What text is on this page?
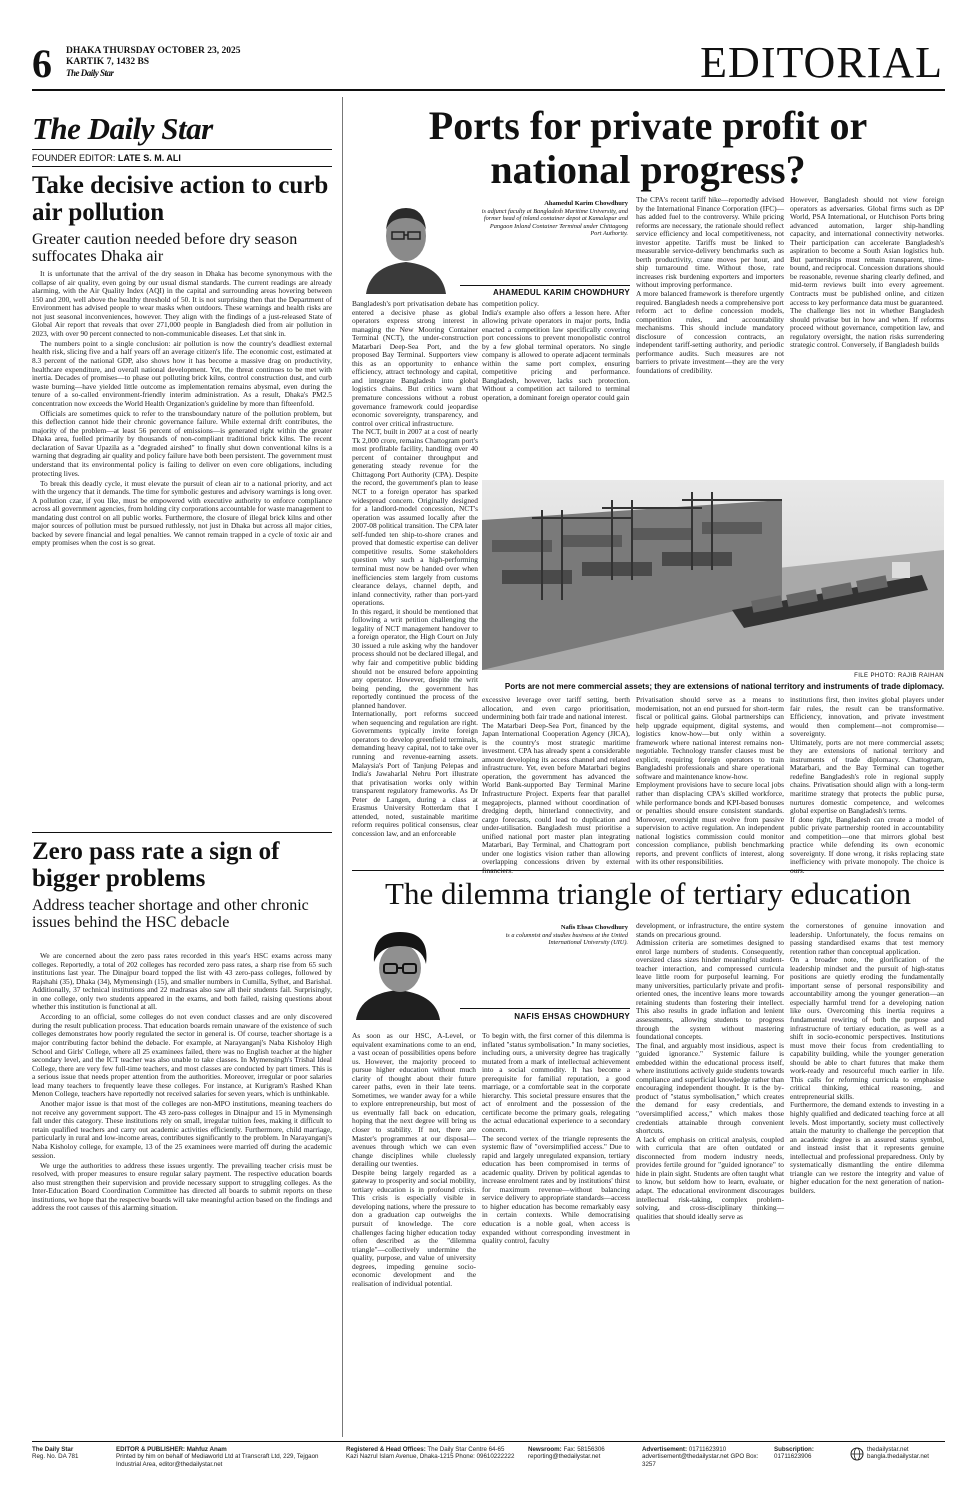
6 DHAKA THURSDAY OCTOBER 23, 2025
KARTIK 7, 1432 BS
The Daily Star	EDITORIAL
The Daily Star
FOUNDER EDITOR: LATE S. M. ALI
Take decisive action to curb air pollution
Greater caution needed before dry season suffocates Dhaka air

It is unfortunate that the arrival of the dry season in Dhaka has become synonymous with the collapse of air quality, even going by our usual dismal standards. The current readings are already alarming, with the Air Quality Index (AQI) in the capital and surrounding areas hovering between 150 and 200, well above the healthy threshold of 50. It is not surprising then that the Department of Environment has advised people to wear masks when outdoors. These warnings and health risks are not just seasonal inconveniences, however. They align with the findings of a just-released State of Global Air report that reveals that over 271,000 people in Bangladesh died from air pollution in 2023, with over 90 percent connected to non-communicable diseases. Let that sink in.

The numbers point to a single conclusion: air pollution is now the country's deadliest external health risk, slicing five and a half years off an average citizen's life. The economic cost, estimated at 8.3 percent of the national GDP, also shows how it has become a massive drag on productivity, healthcare expenditure, and overall national development. Yet, the threat continues to be met with inertia. Decades of promises—to phase out polluting brick kilns, control construction dust, and curb waste burning—have yielded little outcome as implementation remains abysmal, even during the tenure of a so-called environment-friendly interim administration. As a result, Dhaka's PM2.5 concentration now exceeds the World Health Organization's guideline by more than fifteenfold.

Officials are sometimes quick to refer to the transboundary nature of the pollution problem, but this deflection cannot hide their chronic governance failure. While external drift contributes, the majority of the problem—at least 56 percent of emissions—is generated right within the greater Dhaka area, fuelled primarily by thousands of non-compliant traditional brick kilns. The recent declaration of Savar Upazila as a "degraded airshed" to finally shut down conventional kilns is a warning that degrading air quality and policy failure have both been persistent. The government must understand that its environmental policy is failing to deliver on even core obligations, including protecting lives.

To break this deadly cycle, it must elevate the pursuit of clean air to a national priority, and act with the urgency that it demands. The time for symbolic gestures and advisory warnings is long over. A pollution czar, if you like, must be empowered with executive authority to enforce compliance across all government agencies, from holding city corporations accountable for waste management to mandating dust control on all public works. Furthermore, the closure of illegal brick kilns and other major sources of pollution must be pursued ruthlessly, not just in Dhaka but across all major cities, backed by severe financial and legal penalties. We cannot remain trapped in a cycle of toxic air and empty promises when the cost is so great.

Zero pass rate a sign of bigger problems
Address teacher shortage and other chronic issues behind the HSC debacle

We are concerned about the zero pass rates recorded in this year's HSC exams across many colleges. Reportedly, a total of 202 colleges has recorded zero pass rates, a sharp rise from 65 such institutions last year. The Dinajpur board topped the list with 43 zero-pass colleges, followed by Rajshahi (35), Dhaka (34), Mymensingh (15), and smaller numbers in Cumilla, Sylhet, and Barishal. Additionally, 37 technical institutions and 22 madrasas also saw all their students fail. Surprisingly, in one college, only two students appeared in the exams, and both failed, raising questions about whether this institution is functional at all.

According to an official, some colleges do not even conduct classes and are only discovered during the result publication process. That education boards remain unaware of the existence of such colleges demonstrates how poorly regulated the sector in general is. Of course, teacher shortage is a major contributing factor behind the debacle. For example, at Narayanganj's Naba Kisholoy High School and Girls' College, where all 25 examinees failed, there was no English teacher at the higher secondary level, and the ICT teacher was also unable to take classes. In Mymensingh's Trishal Ideal College, there are very few full-time teachers, and most classes are conducted by part timers. This is a serious issue that needs proper attention from the authorities. Moreover, irregular or poor salaries lead many teachers to frequently leave these colleges. For instance, at Kurigram's Rashed Khan Menon College, teachers have reportedly not received salaries for seven years, which is unthinkable.

Another major issue is that most of the colleges are non-MPO institutions, meaning teachers do not receive any government support. The 43 zero-pass colleges in Dinajpur and 15 in Mymensingh fall under this category. These institutions rely on small, irregular tuition fees, making it difficult to retain qualified teachers and carry out academic activities efficiently. Furthermore, child marriage, particularly in rural and low-income areas, contributes significantly to the problem. In Narayanganj's Naba Kisholoy college, for example, 13 of the 25 examinees were married off during the academic session.

We urge the authorities to address these issues urgently. The prevailing teacher crisis must be resolved, with proper measures to ensure regular salary payment. The respective education boards also must strengthen their supervision and provide necessary support to struggling colleges. As the Inter-Education Board Coordination Committee has directed all boards to submit reports on these institutions, we hope that the respective boards will take meaningful action based on the findings and address the root causes of this alarming situation.

Ports for private profit or national progress?
Ahamedul Karim Chowdhury
is adjunct faculty at Bangladesh Maritime University, and former head of inland container depot at Kamalapur and Pangaon Inland Container Terminal under Chittagong Port Authority.
AHAMEDUL KARIM CHOWDHURY
Bangladesh's port privatisation debate has entered a decisive phase as global operators express strong interest in managing the New Mooring Container Terminal (NCT), the under-construction Matarbari Deep-Sea Port, and the proposed Bay Terminal. Supporters view this as an opportunity to enhance efficiency, attract technology and capital, and integrate Bangladesh into global logistics chains. But critics warn that premature concessions without a robust governance framework could jeopardise economic sovereignty, transparency, and control over critical infrastructure.
The NCT, built in 2007 at a cost of nearly Tk 2,000 crore, remains Chattogram port's most profitable facility, handling over 40 percent of container throughput and generating steady revenue for the Chittagong Port Authority (CPA). Despite the record, the government's plan to lease NCT to a foreign operator has sparked widespread concern. Originally designed for a landlord-model concession, NCT's operation was assumed locally after the 2007-08 political transition. The CPA later self-funded ten ship-to-shore cranes and proved that domestic expertise can deliver competitive results. Some stakeholders question why such a high-performing terminal must now be handed over when inefficiencies stem largely from customs clearance delays, channel depth, and inland connectivity, rather than port-yard operations.
In this regard, it should be mentioned that following a writ petition challenging the legality of NCT management handover to a foreign operator, the High Court on July 30 issued a rule asking why the handover process should not be declared illegal, and why fair and competitive public bidding should not be ensured before appointing any operator. However, despite the writ being pending, the government has reportedly continued the process of the planned handover.
Internationally, port reforms succeed when sequencing and regulation are right. Governments typically invite foreign operators to develop greenfield terminals, demanding heavy capital, not to take over running and revenue-earning assets. Malaysia's Port of Tanjung Pelepas and India's Jawaharlal Nehru Port illustrate that privatisation works only within transparent regulatory frameworks. As Dr Peter de Langen, during a class at Erasmus University Rotterdam that I attended, noted, sustainable maritime reform requires political consensus, clear concession law, and an enforceable
competition policy.
India's example also offers a lesson here. After allowing private operators in major ports, India enacted a competition law specifically covering port concessions to prevent monopolistic control by a few global terminal operators. No single company is allowed to operate adjacent terminals within the same port complex, ensuring competitive pricing and performance. Bangladesh, however, lacks such protection. Without a competition act tailored to terminal operation, a dominant foreign operator could gain
The CPA's recent tariff hike—reportedly advised by the International Finance Corporation (IFC)—has added fuel to the controversy. While pricing reforms are necessary, the rationale should reflect service efficiency and local competitiveness, not investor appetite. Tariffs must be linked to measurable service-delivery benchmarks such as berth productivity, crane moves per hour, and ship turnaround time. Without those, rate increases risk burdening exporters and importers without improving performance.
A more balanced framework is therefore urgently required. Bangladesh needs a comprehensive port reform act to define concession models, competition rules, and accountability mechanisms. This should include mandatory disclosure of concession contracts, an independent tariff-setting authority, and periodic performance audits. Such measures are not barriers to private investment—they are the very foundations of credibility.
However, Bangladesh should not view foreign operators as adversaries. Global firms such as DP World, PSA International, or Hutchison Ports bring advanced automation, larger ship-handling capacity, and international connectivity networks. Their participation can accelerate Bangladesh's aspiration to become a South Asian logistics hub. But partnerships must remain transparent, time-bound, and reciprocal. Concession durations should be reasonable, revenue sharing clearly defined, and mid-term reviews built into every agreement. Contracts must be published online, and citizen access to key performance data must be guaranteed.
The challenge lies not in whether Bangladesh should privatise but in how and when. If reforms proceed without governance, competition law, and regulatory oversight, the nation risks surrendering strategic control. Conversely, if Bangladesh builds
FILE PHOTO: RAJIB RAIHAN
Ports are not mere commercial assets; they are extensions of national territory and instruments of trade diplomacy.
excessive leverage over tariff setting, berth allocation, and even cargo prioritisation, undermining both fair trade and national interest.
The Matarbari Deep-Sea Port, financed by the Japan International Cooperation Agency (JICA), is the country's most strategic maritime investment. CPA has already spent a considerable amount developing its access channel and related infrastructure. Yet, even before Matarbari begins operation, the government has advanced the World Bank-supported Bay Terminal Marine Infrastructure Project. Experts fear that parallel megaprojects, planned without coordination of dredging depth, hinterland connectivity, and cargo forecasts, could lead to duplication and under-utilisation. Bangladesh must prioritise a unified national port master plan integrating Matarbari, Bay Terminal, and Chattogram port under one logistics vision rather than allowing overlapping concessions driven by external
Privatisation should serve as a means to modernisation, not an end pursued for short-term fiscal or political gains. Global partnerships can help upgrade equipment, digital systems, and logistics know-how—but only within a framework where national interest remains non-negotiable. Technology transfer clauses must be explicit, requiring foreign operators to train Bangladeshi professionals and share operational software and maintenance know-how.
Employment provisions have to secure local jobs rather than displacing CPA's skilled workforce, while performance bonds and KPI-based bonuses or penalties should ensure consistent standards. Moreover, oversight must evolve from passive supervision to active regulation. An independent national logistics commission could monitor concession compliance, publish benchmarking reports, and prevent conflicts of interest, along with its other responsibilities.
institutions first, then invites global players under fair rules, the result can be transformative. Efficiency, innovation, and private investment would then complement—not compromise—sovereignty.
Ultimately, ports are not mere commercial assets; they are extensions of national territory and instruments of trade diplomacy. Chattogram, Matarbari, and the Bay Terminal can together redefine Bangladesh's role in regional supply chains. Privatisation should align with a long-term maritime strategy that protects the public purse, nurtures domestic competence, and welcomes global expertise on Bangladesh's terms.
If done right, Bangladesh can create a model of public private partnership rooted in accountability and competition—one that mirrors global best practice while defending its own economic sovereignty. If done wrong, it risks replacing state inefficiency with private monopoly. The choice is
The dilemma triangle of tertiary education
Nafis Ehsas Chowdhury
is a columnist and studies business at the United International University (UIU).
NAFIS EHSAS CHOWDHURY
As soon as our HSC, A-Level, or equivalent examinations come to an end, a vast ocean of possibilities opens before us. However, the majority proceed to pursue higher education without much clarity of thought about their future career paths, even in their late teens. Sometimes, we wander away for a while to explore entrepreneurship, but most of us eventually fall back on education, hoping that the next degree will bring us closer to stability. If not, there are Master's programmes at our disposal—avenues through which we can even change disciplines while cluelessly derailing our twenties.
Despite being largely regarded as a gateway to prosperity and social mobility, tertiary education is in profound crisis. This crisis is especially visible in developing nations, where the pressure to don a graduation cap outweighs the pursuit of knowledge. The core challenges facing higher education today often described as the "dilemma triangle"—collectively undermine the quality, purpose, and value of university degrees, impeding genuine socio-economic development and the realisation of individual potential.
To begin with, the first corner of this dilemma is inflated "status symbolisation." In many societies, including ours, a university degree has tragically mutated from a mark of intellectual achievement into a social commodity. It has become a prerequisite for familial reputation, a good marriage, or a comfortable seat in the corporate hierarchy. This societal pressure ensures that the act of enrolment and the possession of the certificate become the primary goals, relegating the actual educational experience to a secondary concern.
The second vertex of the triangle represents the systemic flaw of "oversimplified access." Due to rapid and largely unregulated expansion, tertiary education has been compromised in terms of academic quality. Driven by political agendas to increase enrolment rates and by institutions' thirst for maximum revenue—without balancing service delivery to appropriate standards—access to higher education has become remarkably easy in certain contexts. While democratising education is a noble goal, when access is expanded without corresponding investment in quality control, faculty
development, or infrastructure, the entire system stands on precarious ground.
Admission criteria are sometimes designed to enrol large numbers of students. Consequently, oversized class sizes hinder meaningful student-teacher interaction, and compressed curricula leave little room for purposeful learning. For many universities, particularly private and profit-oriented ones, the incentive leans more towards retaining students than fostering their intellect. This also results in grade inflation and lenient assessments, allowing students to progress through the system without mastering foundational concepts.
The final, and arguably most insidious, aspect is "guided ignorance." Systemic failure is embedded within the educational process itself, where institutions actively guide students towards compliance and superficial knowledge rather than encouraging independent thought. It is the by-product of "status symbolisation," which creates the demand for easy credentials, and "oversimplified access," which makes those credentials attainable through convenient shortcuts.
A lack of emphasis on critical analysis, coupled with curricula that are often outdated or disconnected from modern industry needs, provides fertile ground for "guided ignorance" to hide in plain sight. Students are often taught what to know, but seldom how to learn, evaluate, or adapt. The educational environment discourages intellectual risk-taking, complex problem-solving, and cross-disciplinary thinking—qualities that should ideally serve as
the cornerstones of genuine innovation and leadership. Unfortunately, the focus remains on passing standardised exams that test memory retention rather than conceptual application.
On a broader note, the glorification of the leadership mindset and the pursuit of high-status positions are quietly eroding the fundamentally important sense of personal responsibility and accountability among the younger generation—an especially harmful trend for a developing nation like ours. Overcoming this inertia requires a fundamental rewiring of both the purpose and infrastructure of tertiary education, as well as a shift in socio-economic perspectives. Institutions must move their focus from credentialling to capability building, while the younger generation should be able to chart futures that make them work-ready and resourceful much earlier in life. This calls for reforming curricula to emphasise critical thinking, ethical reasoning, and entrepreneurial skills.
Furthermore, the demand extends to investing in a highly qualified and dedicated teaching force at all levels. Most importantly, society must collectively attain the maturity to challenge the perception that an academic degree is an assured status symbol, and instead insist that it represents genuine intellectual and professional preparedness. Only by systematically dismantling the entire dilemma triangle can we restore the integrity and value of higher education for the next generation of nation-builders.
The Daily Star
Reg. No. DA 781
EDITOR & PUBLISHER: Mahfuz Anam
Printed by him on behalf of Mediaworld Ltd at Transcraft Ltd, 229, Tejgaon Industrial Area, editor@thedailystar.net
Registered & Head Offices: The Daily Star Centre 64-65 Kazi Nazrul Islam Avenue, Dhaka-1215 Phone: 09610222222
Newsroom: Fax: 58156306 reporting@thedailystar.net
Advertisement: 01711623910 advertisement@thedailystar.net GPO Box: 3257
Subscription:
01711623906
thedailystar.net
bangla.thedailystar.net
